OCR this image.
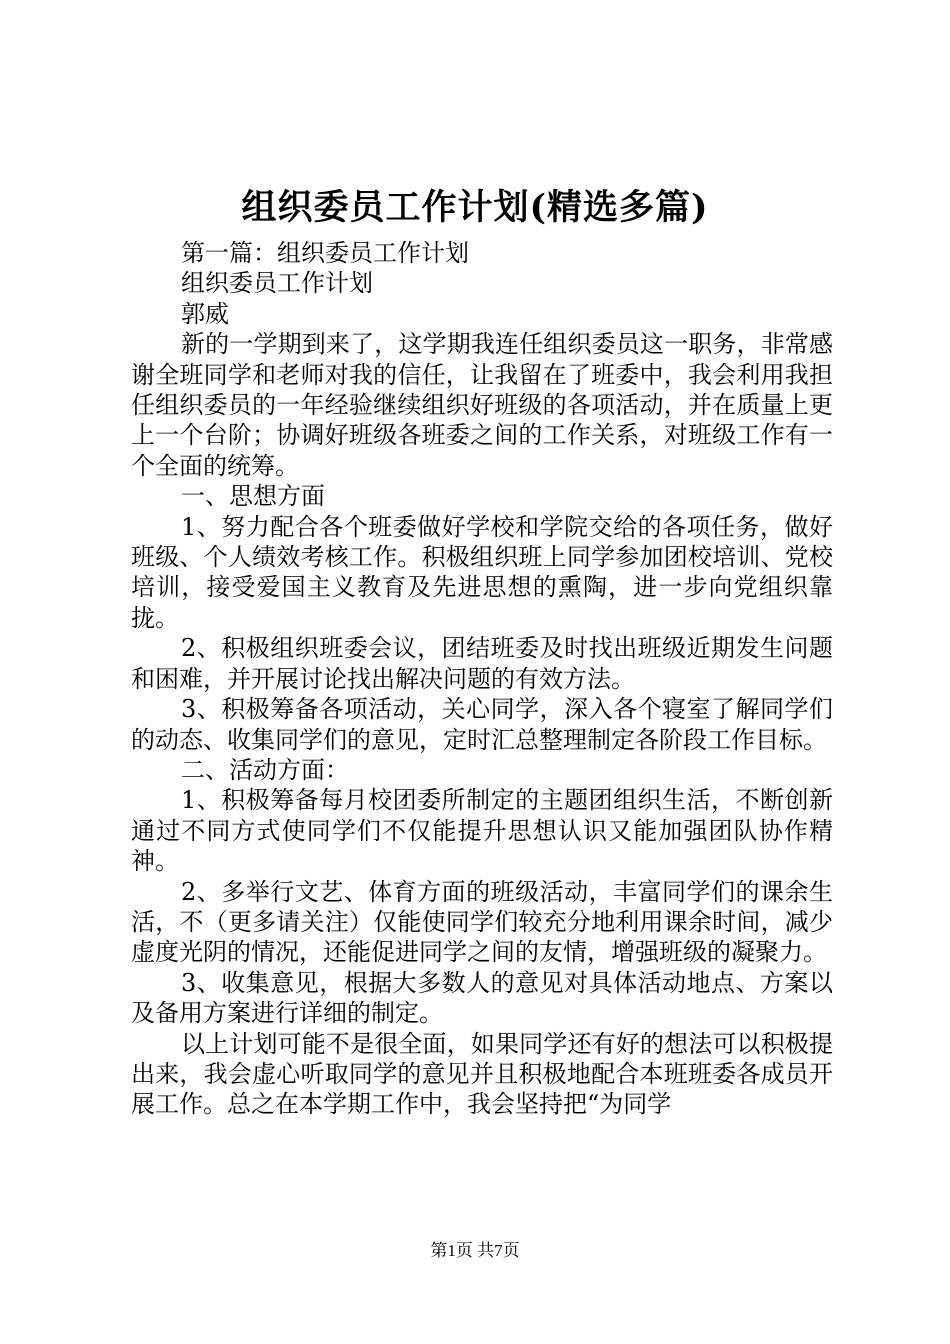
组织委员工作计划(精选多篇)

第一篇：组织委员工作计划

组织委员工作计划

郭威

新的一学期到来了，这学期我连任组织委员这一职务，非常感谢全班同学和老师对我的信任，让我留在了班委中，我会利用我担任组织委员的一年经验继续组织好班级的各项活动，并在质量上更上一个台阶；协调好班级各班委之间的工作关系，对班级工作有一个全面的统筹。

一、思想方面

1、努力配合各个班委做好学校和学院交给的各项任务，做好班级、个人绩效考核工作。积极组织班上同学参加团校培训、党校培训，接受爱国主义教育及先进思想的熏陶，进一步向党组织靠拢。

2、积极组织班委会议，团结班委及时找出班级近期发生问题和困难，并开展讨论找出解决问题的有效方法。

3、积极筹备各项活动，关心同学，深入各个寝室了解同学们的动态、收集同学们的意见，定时汇总整理制定各阶段工作目标。

二、活动方面：

1、积极筹备每月校团委所制定的主题团组织生活，不断创新通过不同方式使同学们不仅能提升思想认识又能加强团队协作精神。

2、多举行文艺、体育方面的班级活动，丰富同学们的课余生活，不（更多请关注）仅能使同学们较充分地利用课余时间，减少虚度光阴的情况，还能促进同学之间的友情，增强班级的凝聚力。

3、收集意见，根据大多数人的意见对具体活动地点、方案以及备用方案进行详细的制定。

以上计划可能不是很全面，如果同学还有好的想法可以积极提出来，我会虚心听取同学的意见并且积极地配合本班班委各成员开展工作。总之在本学期工作中，我会坚持把“为同学

第1页 共7页
